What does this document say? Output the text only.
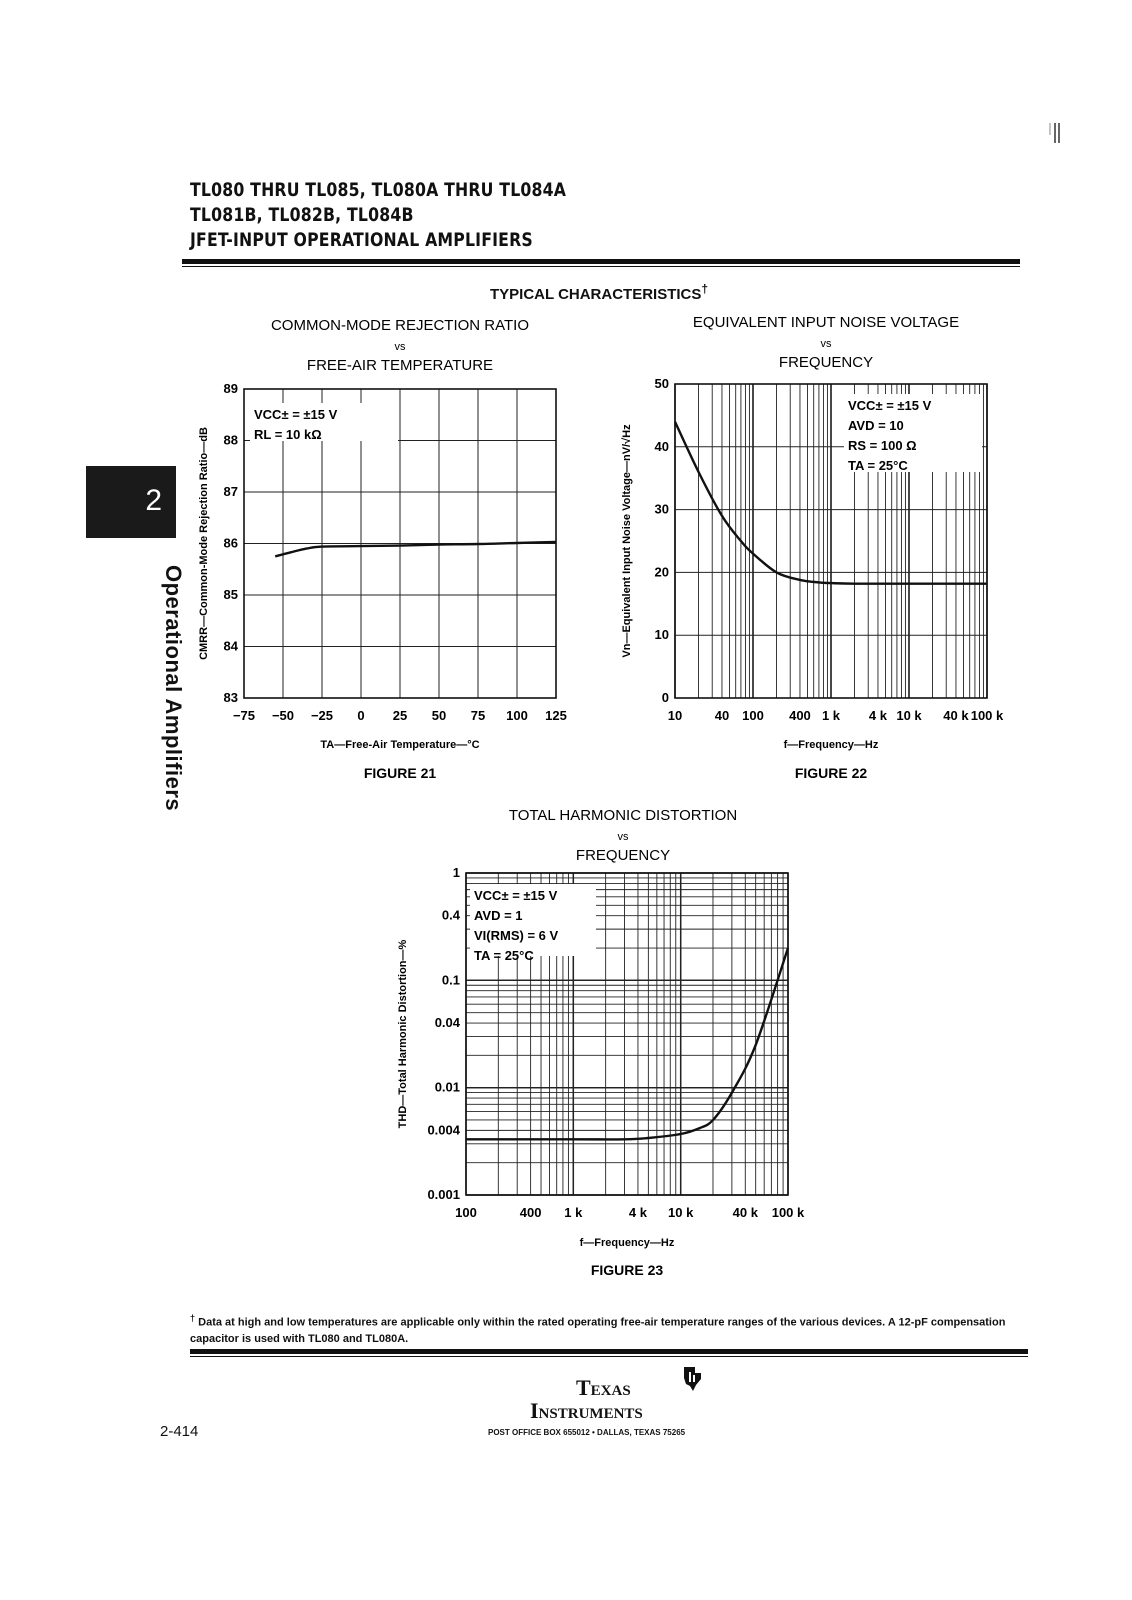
TL080 THRU TL085, TL080A THRU TL084A
TL081B, TL082B, TL084B
JFET-INPUT OPERATIONAL AMPLIFIERS
TYPICAL CHARACTERISTICS†
2
Operational Amplifiers
COMMON-MODE REJECTION RATIO
vs
FREE-AIR TEMPERATURE
VCC± = ±15 V
RL = 10 kΩ
−75 −50 −25 0 25 50 75 100 125
83
84
85
86
87
88
89
TA—Free-Air Temperature—°C
CMRR—Common-Mode Rejection Ratio—dB
FIGURE 21
EQUIVALENT INPUT NOISE VOLTAGE
vs
FREQUENCY
VCC± = ±15 V
AVD = 10
RS = 100 Ω
TA = 25°C
10 40 100 400 1 k 4 k 10 k 40 k 100 k
0
10
20
30
40
50
f—Frequency—Hz
Vn—Equivalent Input Noise Voltage—nV/√Hz
FIGURE 22
TOTAL HARMONIC DISTORTION
vs
FREQUENCY
VCC± = ±15 V
AVD = 1
VI(RMS) = 6 V
TA = 25°C
100	400 1 k	4 k 10 k	40 k 100 k
0.001
0.004
0.01
0.04
0.1
0.4
1
f—Frequency—Hz
THD—Total Harmonic Distortion—%
FIGURE 23
† Data at high and low temperatures are applicable only within the rated operating free-air temperature ranges of the various devices. A 12-pF compensation capacitor is used with TL080 and TL080A.
2-414
Texas
Instruments
POST OFFICE BOX 655012 • DALLAS, TEXAS 75265
